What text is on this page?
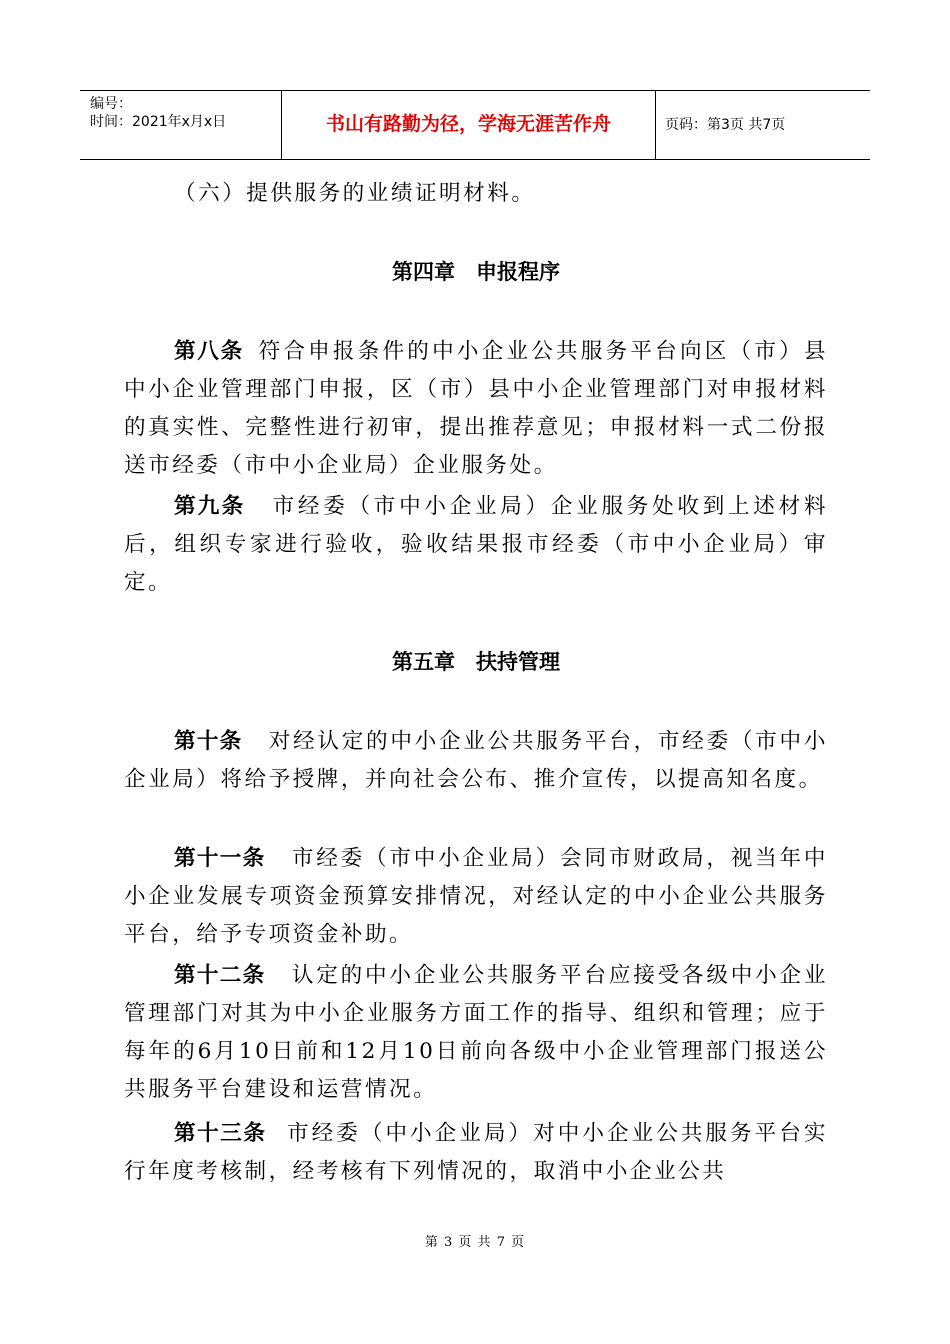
编号：
时间：2021年x月x日	书山有路勤为径，学海无涯苦作舟	页码：第3页 共7页

（六）提供服务的业绩证明材料。

第四章　申报程序

第八条 符合申报条件的中小企业公共服务平台向区（市）县中小企业管理部门申报，区（市）县中小企业管理部门对申报材料的真实性、完整性进行初审，提出推荐意见；申报材料一式二份报送市经委（市中小企业局）企业服务处。

第九条 市经委（市中小企业局）企业服务处收到上述材料后，组织专家进行验收，验收结果报市经委（市中小企业局）审定。

第五章　扶持管理

第十条 对经认定的中小企业公共服务平台，市经委（市中小企业局）将给予授牌，并向社会公布、推介宣传，以提高知名度。

第十一条 市经委（市中小企业局）会同市财政局，视当年中小企业发展专项资金预算安排情况，对经认定的中小企业公共服务平台，给予专项资金补助。

第十二条 认定的中小企业公共服务平台应接受各级中小企业管理部门对其为中小企业服务方面工作的指导、组织和管理；应于每年的6月10日前和12月10日前向各级中小企业管理部门报送公共服务平台建设和运营情况。

第十三条 市经委（中小企业局）对中小企业公共服务平台实行年度考核制，经考核有下列情况的，取消中小企业公共

第 3 页 共 7 页
